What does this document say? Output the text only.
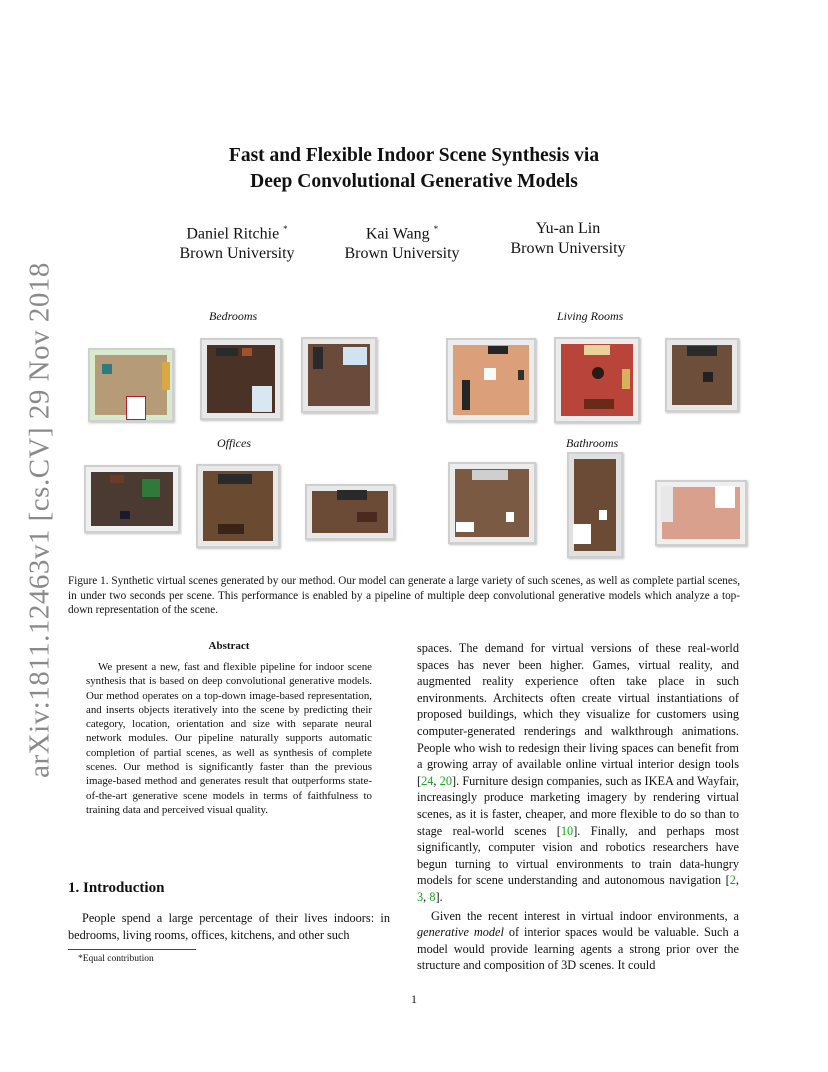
arXiv:1811.12463v1 [cs.CV] 29 Nov 2018
Fast and Flexible Indoor Scene Synthesis via
Deep Convolutional Generative Models
Daniel Ritchie *
Brown University
Kai Wang *
Brown University
Yu-an Lin
Brown University
Bedrooms	Living Rooms
Offices	Bathrooms
Figure 1. Synthetic virtual scenes generated by our method. Our model can generate a large variety of such scenes, as well as complete partial scenes, in under two seconds per scene. This performance is enabled by a pipeline of multiple deep convolutional generative models which analyze a top-down representation of the scene.
Abstract
We present a new, fast and flexible pipeline for indoor scene synthesis that is based on deep convolutional generative models. Our method operates on a top-down image-based representation, and inserts objects iteratively into the scene by predicting their category, location, orientation and size with separate neural network modules. Our pipeline naturally supports automatic completion of partial scenes, as well as synthesis of complete scenes. Our method is significantly faster than the previous image-based method and generates result that outperforms state-of-the-art generative scene models in terms of faithfulness to training data and perceived visual quality.
1. Introduction
People spend a large percentage of their lives indoors: in bedrooms, living rooms, offices, kitchens, and other such
*Equal contribution

spaces. The demand for virtual versions of these real-world spaces has never been higher. Games, virtual reality, and augmented reality experience often take place in such environments. Architects often create virtual instantiations of proposed buildings, which they visualize for customers using computer-generated renderings and walkthrough animations. People who wish to redesign their living spaces can benefit from a growing array of available online virtual interior design tools [24, 20]. Furniture design companies, such as IKEA and Wayfair, increasingly produce marketing imagery by rendering virtual scenes, as it is faster, cheaper, and more flexible to do so than to stage real-world scenes [10]. Finally, and perhaps most significantly, computer vision and robotics researchers have begun turning to virtual environments to train data-hungry models for scene understanding and autonomous navigation [2, 3, 8].

Given the recent interest in virtual indoor environments, a generative model of interior spaces would be valuable. Such a model would provide learning agents a strong prior over the structure and composition of 3D scenes. It could

1
